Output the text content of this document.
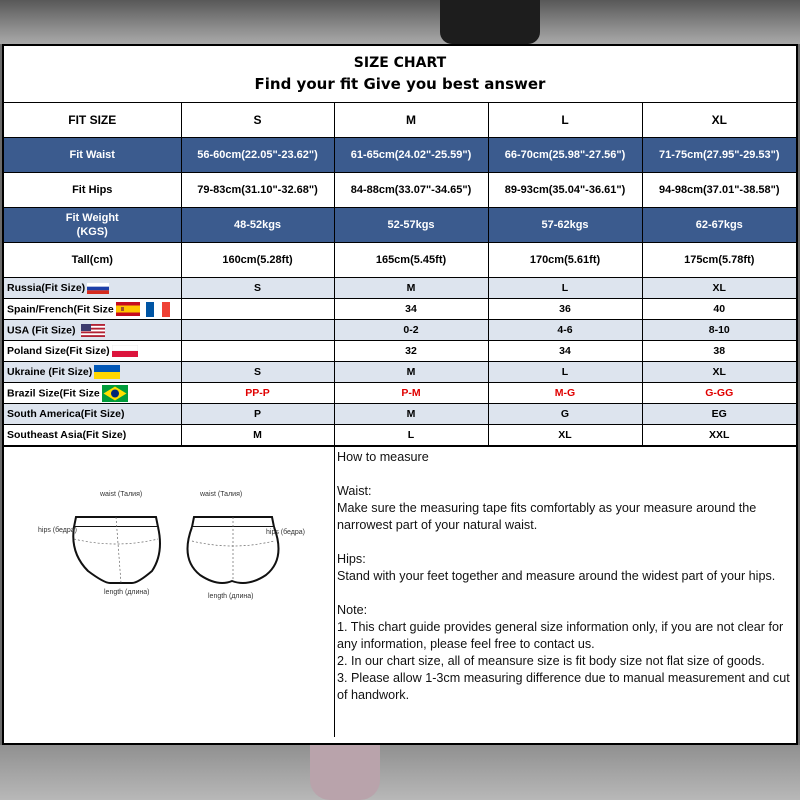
SIZE CHART
Find your fit Give you best answer
FIT SIZE	S	M	L	XL
Fit Waist	56-60cm(22.05"-23.62")	61-65cm(24.02"-25.59")	66-70cm(25.98"-27.56")	71-75cm(27.95"-29.53")
Fit Hips	79-83cm(31.10"-32.68")	84-88cm(33.07"-34.65")	89-93cm(35.04"-36.61")	94-98cm(37.01"-38.58")
Fit Weight
(KGS)	48-52kgs	52-57kgs	57-62kgs	62-67kgs
Tall(cm)	160cm(5.28ft)	165cm(5.45ft)	170cm(5.61ft)	175cm(5.78ft)
Russia(Fit Size)	S	M	L	XL
Spain/French(Fit Size		34	36	40
USA (Fit Size)		0-2	4-6	8-10
Poland Size(Fit Size)		32	34	38
Ukraine (Fit Size)	S	M	L	XL
Brazil Size(Fit Size	PP-P	P-M	M-G	G-GG
South America(Fit Size)	P	M	G	EG
Southeast Asia(Fit Size)	M	L	XL	XXL
waist (Талия)	waist (Талия)
hips (бедра)	hips (бедра)
length (длина)
length (длина)

How to measure

Waist:

Make sure the measuring tape fits comfortably as your measure around the narrowest part of your natural waist.

Hips:

Stand with your feet together and measure around the widest part of your hips.

Note:

1. This chart guide provides general size information only, if you are not clear for any information, please feel free to contact us.

2. In our chart size, all of meansure size is fit body size not flat size of goods.

3. Please allow 1-3cm measuring difference due to manual measurement and cut of handwork.
